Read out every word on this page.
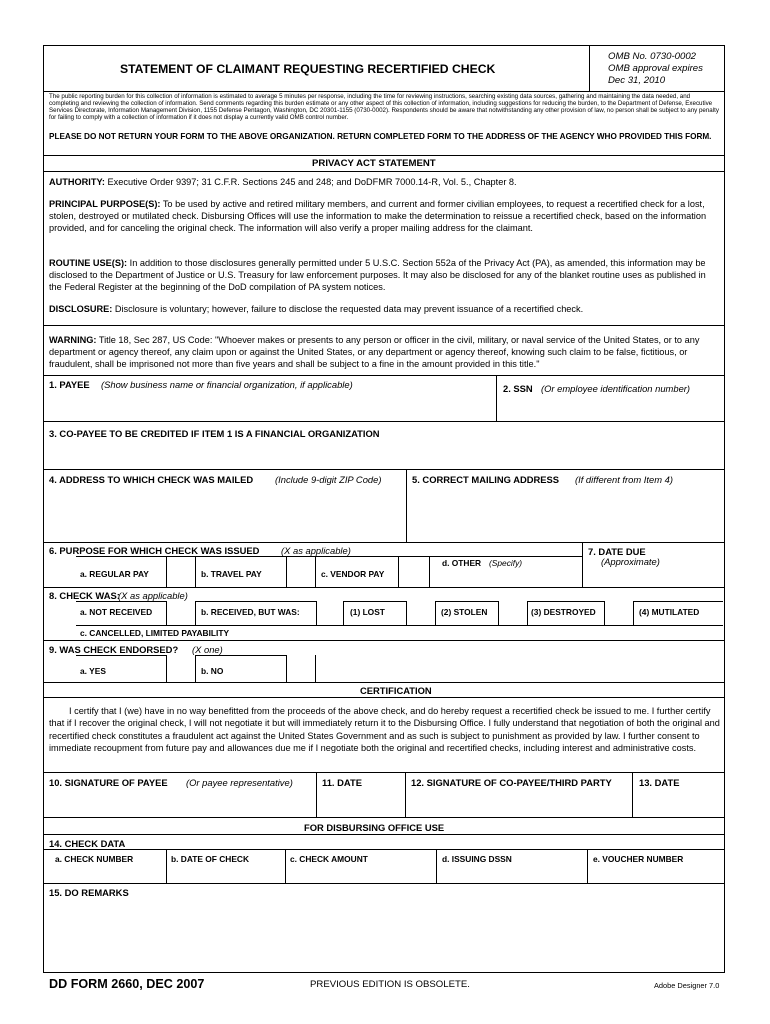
STATEMENT OF CLAIMANT REQUESTING RECERTIFIED CHECK
OMB No. 0730-0002
OMB approval expires
Dec 31, 2010
The public reporting burden for this collection of information is estimated to average 5 minutes per response, including the time for reviewing instructions, searching existing data sources, gathering and maintaining the data needed, and completing and reviewing the collection of information. Send comments regarding this burden estimate or any other aspect of this collection of information, including suggestions for reducing the burden, to the Department of Defense, Executive Services Directorate, Information Management Division, 1155 Defense Pentagon, Washington, DC 20301-1155 (0730-0002). Respondents should be aware that notwithstanding any other provision of law, no person shall be subject to any penalty for failing to comply with a collection of information if it does not display a currently valid OMB control number.
PLEASE DO NOT RETURN YOUR FORM TO THE ABOVE ORGANIZATION. RETURN COMPLETED FORM TO THE ADDRESS OF THE AGENCY WHO PROVIDED THIS FORM.
PRIVACY ACT STATEMENT
AUTHORITY: Executive Order 9397; 31 C.F.R. Sections 245 and 248; and DoDFMR 7000.14-R, Vol. 5., Chapter 8.
PRINCIPAL PURPOSE(S): To be used by active and retired military members, and current and former civilian employees, to request a recertified check for a lost, stolen, destroyed or mutilated check. Disbursing Offices will use the information to make the determination to reissue a recertified check, based on the information provided, and for canceling the original check. The information will also verify a proper mailing address for the claimant.
ROUTINE USE(S): In addition to those disclosures generally permitted under 5 U.S.C. Section 552a of the Privacy Act (PA), as amended, this information may be disclosed to the Department of Justice or U.S. Treasury for law enforcement purposes. It may also be disclosed for any of the blanket routine uses as published in the Federal Register at the beginning of the DoD compilation of PA system notices.
DISCLOSURE: Disclosure is voluntary; however, failure to disclose the requested data may prevent issuance of a recertified check.
WARNING: Title 18, Sec 287, US Code: "Whoever makes or presents to any person or officer in the civil, military, or naval service of the United States, or to any department or agency thereof, any claim upon or against the United States, or any department or agency thereof, knowing such claim to be false, fictitious, or fraudulent, shall be imprisoned not more than five years and shall be subject to a fine in the amount provided in this title."
1. PAYEE (Show business name or financial organization, if applicable)	2. SSN (Or employee identification number)
3. CO-PAYEE TO BE CREDITED IF ITEM 1 IS A FINANCIAL ORGANIZATION
4. ADDRESS TO WHICH CHECK WAS MAILED (Include 9-digit ZIP Code)	5. CORRECT MAILING ADDRESS (If different from Item 4)
6. PURPOSE FOR WHICH CHECK WAS ISSUED (X as applicable)
a. REGULAR PAY	b. TRAVEL PAY	c. VENDOR PAY
d. OTHER (Specify)
7. DATE DUE
(Approximate)
8. CHECK WAS:
(X as applicable)
a. NOT RECEIVED	b. RECEIVED, BUT WAS:	(1) LOST	(2) STOLEN	(3) DESTROYED	(4) MUTILATED
c. CANCELLED, LIMITED PAYABILITY
9. WAS CHECK ENDORSED? (X one)
a. YES	b. NO
CERTIFICATION
I certify that I (we) have in no way benefitted from the proceeds of the above check, and do hereby request a recertified check be issued to me. I further certify that if I recover the original check, I will not negotiate it but will immediately return it to the Disbursing Office. I fully understand that negotiation of both the original and recertified check constitutes a fraudulent act against the United States Government and as such is subject to punishment as provided by law. I further consent to immediate recoupment from future pay and allowances due me if I negotiate both the original and recertified checks, including interest and administrative costs.
10. SIGNATURE OF PAYEE (Or payee representative)	11. DATE	12. SIGNATURE OF CO-PAYEE/THIRD PARTY	13. DATE
FOR DISBURSING OFFICE USE
14. CHECK DATA
a. CHECK NUMBER	b. DATE OF CHECK	c. CHECK AMOUNT	d. ISSUING DSSN	e. VOUCHER NUMBER
15. DO REMARKS
DD FORM 2660, DEC 2007	PREVIOUS EDITION IS OBSOLETE.	Adobe Designer 7.0
